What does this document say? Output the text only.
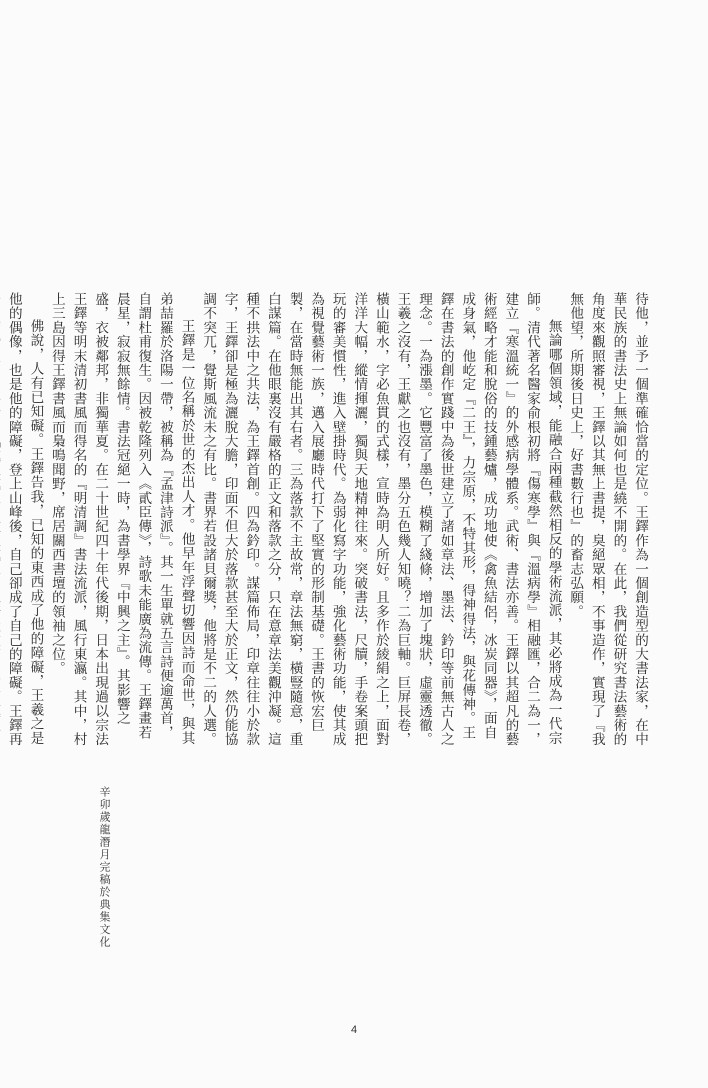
待他，並予一個準確恰當的定位。王鐸作為一個創造型的大書法家，在中華民族的書法史上無論如何也是繞不開的。在此，我們從研究書法藝術的角度來觀照審視，王鐸以其無上書提，臭絕眾相，不事造作，實現了『我無他望，所期後日史上，好書數行也』的畜志弘願。

無論哪個領域，能融合兩種截然相反的學術流派，其必將成為一代宗師。清代著名醫家俞根初將『傷寒學』與『溫病學』相融匯，合二為一，建立『寒溫統一』的外感病學體系。武術、書法亦善。王鐸以其超凡的藝術經略才能和脫俗的技鍾藝爐，成功地使《禽魚結侶，冰炭同器》，面自成身氣，他屹定『二王』，力宗原，不特其形，得神得法，與花傳神。王鐸在書法的創作實踐中為後世建立了諸如章法、墨法、鈐印等前無古人之理念。一為漲墨。它豐富了墨色，模糊了綫條，增加了塊狀，虛靈透徹。王羲之沒有，王獻之也沒有，墨分五色幾人知曉？二為巨軸。巨屏長卷，橫山範水，字必魚貫的式樣，宣時為明人所好。且多作於綾絹之上，面對洋洋大幅，縱情揮灑，獨與天地精神往來。突破書法，尺牘，手卷案頭把玩的審美慣性，進入壁掛時代。為弱化寫字功能，強化藝術功能，使其成為視覺藝術一族，邁入展廳時代打下了堅實的形制基礎。王書的恢宏巨製，在當時無能出其右者。三為落款不主故常，章法無窮，橫豎隨意，重白謀篇。在他眼裏沒有嚴格的正文和落款之分，只在意章法美觀沖凝。這種不拱法中之共法，為王鐸首創。四為鈐印。謀篇佈局，印章往往小於款字，王鐸卻是極為灑脫大膽，印面不但大於落款甚至大於正文，然仍能協調不突兀，覺斯風流未之有比。書界若設諸貝爾獎，他將是不二的人選。

王鐸是一位名稱於世的杰出人才。他早年浮聲切響因詩而命世，與其弟喆羅於洛陽一帶，被稱為『孟津詩派』。其一生單就五言詩便逾萬首，自謂杜甫復生。因被乾隆列入《貳臣傳》，詩歌未能廣為流傳。王鐸畫若晨星，寂寂無餘情。書法冠絕一時，為書學界『中興之主』。其影響之盛，衣被鄰邦，非獨華夏。在二十世紀四十年代後期，日本出現過以宗法王鐸等明末清初書風而得名的『明清調』書法流派，風行東瀛。其中，村上三島因得王鐸書風而梟鳴聞野，席居關西書壇的領袖之位。

佛說，人有已知礙。王鐸告我，已知的東西成了他的障礙，王羲之是他的偶像，也是他的障礙，登上山峰後，自己卻成了自己的障礙。王鐸再

辛卯歲龍潛月完稿於典集文化
4
